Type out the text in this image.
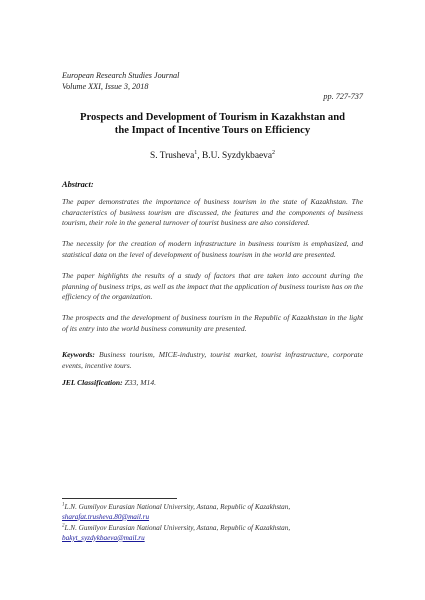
European Research Studies Journal
Volume XXI, Issue 3, 2018
pp. 727-737
Prospects and Development of Tourism in Kazakhstan and
the Impact of Incentive Tours on Efficiency
S. Trusheva$^1$, B.U. Syzdykbaeva$^2$
Abstract:

The paper demonstrates the importance of business tourism in the state of Kazakhstan. The characteristics of business tourism are discussed, the features and the components of business tourism, their role in the general turnover of tourist business are also considered.

The necessity for the creation of modern infrastructure in business tourism is emphasized, and statistical data on the level of development of business tourism in the world are presented.

The paper highlights the results of a study of factors that are taken into account during the planning of business trips, as well as the impact that the application of business tourism has on the efficiency of the organization.

The prospects and the development of business tourism in the Republic of Kazakhstan in the light of its entry into the world business community are presented.

Keywords: Business tourism, MICE-industry, tourist market, tourist infrastructure, corporate events, incentive tours.

JEL Classification: Z33, M14.

$^1$L.N. Gumilyov Eurasian National University, Astana, Republic of Kazakhstan,
sharafat.trusheva.80@mail.ru
$^2$L.N. Gumilyov Eurasian National University, Astana, Republic of Kazakhstan,
bakyt_syzdykbaeva@mail.ru
